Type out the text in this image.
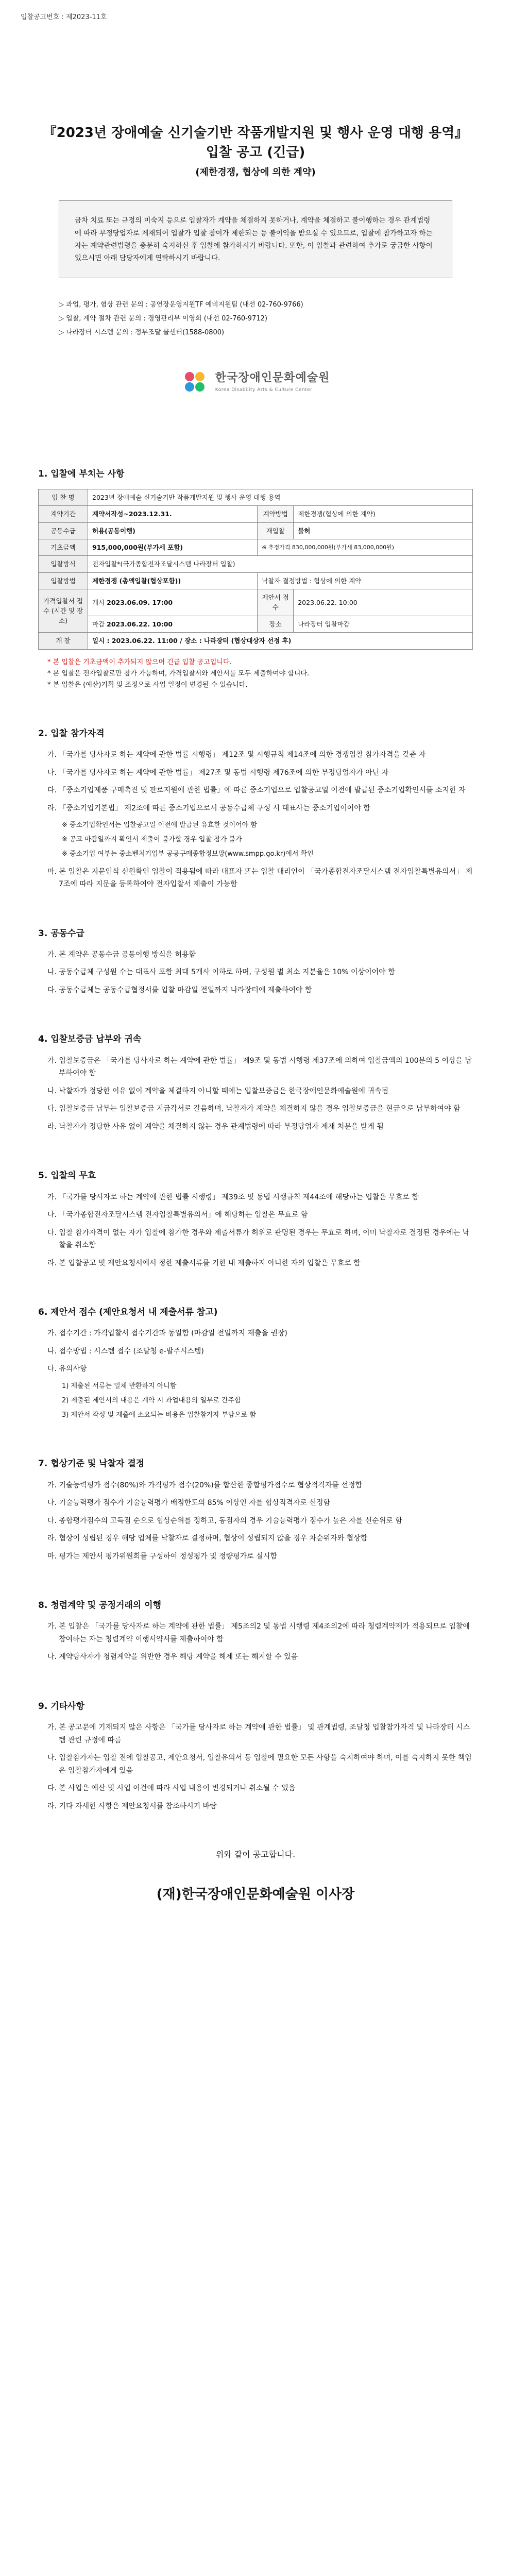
입찰공고번호 : 제2023-11호
『2023년 장애예술 신기술기반 작품개발지원 및 행사 운영 대행 용역』입찰 공고 (긴급)
(제한경쟁, 협상에 의한 계약)
금차 치료 또는 규정의 미숙지 등으로 입찰자가 계약을 체결하지 못하거나, 계약을 체결하고 불이행하는 경우 관계법령에 따라 부정당업자로 제재되어 입찰가 입찰 참여가 제한되는 등 불이익을 받으실 수 있으므로, 입찰에 참가하고자 하는 자는 계약관련법령을 충분히 숙지하신 후 입찰에 참가하시기 바랍니다. 또한, 이 입찰과 관련하여 추가로 궁금한 사항이 있으시면 아래 담당자에게 연락하시기 바랍니다.
▷ 과업, 평가, 협상 관련 문의 : 공연장운영지원TF 예비지원팀 (내선 02-760-9766)
▷ 입찰, 계약 절차 관련 문의 : 경영관리부 이영희 (내선 02-760-9712)
▷ 나라장터 시스템 문의 : 정부조달 콜센터(1588-0800)
한국장애인문화예술원
Korea Disability Arts & Culture Center
1. 입찰에 부치는 사항
입 찰 명	2023년 장애예술 신기술기반 작품개발지원 및 행사 운영 대행 용역		
계약기간	계약서작성~2023.12.31.	계약방법	제한경쟁(협상에 의한 계약)
공동수급	허용(공동이행)	재입찰	불허
기초금액	915,000,000원(부가세 포함)	※ 추정가격 830,000,000원(부가세 83,000,000원)	
입찰방식	전자입찰*(국가종합전자조달시스템 나라장터 입찰)		
입찰방법	제한경쟁 (총액입찰(협상포함))	낙찰자 결정방법 : 협상에 의한 계약	
가격입찰서 접수 (시간 및 장소)	개시 2023.06.09. 17:00	제안서 접수	2023.06.22. 10:00
	마감 2023.06.22. 10:00	장소	나라장터 입찰마감
개 찰	일시 : 2023.06.22. 11:00 / 장소 : 나라장터 (협상대상자 선정 후)		
* 본 입찰은 기초금액이 추가되지 않으며 긴급 입찰 공고입니다.
* 본 입찰은 전자입찰로만 참가 가능하며, 가격입찰서와 제안서를 모두 제출하여야 합니다.
* 본 입찰은 (예산)기획 및 조정으로 사업 일정이 변경될 수 있습니다.
2. 입찰 참가자격
가. 「국가를 당사자로 하는 계약에 관한 법률 시행령」 제12조 및 시행규칙 제14조에 의한 경쟁입찰 참가자격을 갖춘 자
나. 「국가를 당사자로 하는 계약에 관한 법률」 제27조 및 동법 시행령 제76조에 의한 부정당업자가 아닌 자
다. 「중소기업제품 구매촉진 및 판로지원에 관한 법률」에 따른 중소기업으로 입찰공고일 이전에 발급된 중소기업확인서를 소지한 자
라. 「중소기업기본법」 제2조에 따른 중소기업으로서 공동수급체 구성 시 대표사는 중소기업이어야 함
※ 중소기업확인서는 입찰공고일 이전에 발급된 유효한 것이어야 함
※ 공고 마감일까지 확인서 제출이 불가할 경우 입찰 참가 불가
※ 중소기업 여부는 중소벤처기업부 공공구매종합정보망(www.smpp.go.kr)에서 확인
마. 본 입찰은 지문인식 신원확인 입찰이 적용됨에 따라 대표자 또는 입찰 대리인이 「국가종합전자조달시스템 전자입찰특별유의서」 제7조에 따라 지문을 등록하여야 전자입찰서 제출이 가능함
3. 공동수급
가. 본 계약은 공동수급 공동이행 방식을 허용함
나. 공동수급체 구성원 수는 대표사 포함 최대 5개사 이하로 하며, 구성원 별 최소 지분율은 10% 이상이어야 함
다. 공동수급체는 공동수급협정서를 입찰 마감일 전일까지 나라장터에 제출하여야 함
4. 입찰보증금 납부와 귀속
가. 입찰보증금은 「국가를 당사자로 하는 계약에 관한 법률」 제9조 및 동법 시행령 제37조에 의하여 입찰금액의 100분의 5 이상을 납부하여야 함
나. 낙찰자가 정당한 이유 없이 계약을 체결하지 아니할 때에는 입찰보증금은 한국장애인문화예술원에 귀속됨
다. 입찰보증금 납부는 입찰보증금 지급각서로 갈음하며, 낙찰자가 계약을 체결하지 않을 경우 입찰보증금을 현금으로 납부하여야 함
라. 낙찰자가 정당한 사유 없이 계약을 체결하지 않는 경우 관계법령에 따라 부정당업자 제재 처분을 받게 됨
5. 입찰의 무효
가. 「국가를 당사자로 하는 계약에 관한 법률 시행령」 제39조 및 동법 시행규칙 제44조에 해당하는 입찰은 무효로 함
나. 「국가종합전자조달시스템 전자입찰특별유의서」에 해당하는 입찰은 무효로 함
다. 입찰 참가자격이 없는 자가 입찰에 참가한 경우와 제출서류가 허위로 판명된 경우는 무효로 하며, 이미 낙찰자로 결정된 경우에는 낙찰을 취소함
라. 본 입찰공고 및 제안요청서에서 정한 제출서류를 기한 내 제출하지 아니한 자의 입찰은 무효로 함
6. 제안서 접수 (제안요청서 내 제출서류 참고)
가. 접수기간 : 가격입찰서 접수기간과 동일함 (마감일 전일까지 제출을 권장)
나. 접수방법 : 시스템 접수 (조달청 e-발주시스템)
다. 유의사항
1) 제출된 서류는 일체 반환하지 아니함
2) 제출된 제안서의 내용은 계약 시 과업내용의 일부로 간주함
3) 제안서 작성 및 제출에 소요되는 비용은 입찰참가자 부담으로 함
7. 협상기준 및 낙찰자 결정
가. 기술능력평가 점수(80%)와 가격평가 점수(20%)를 합산한 종합평가점수로 협상적격자를 선정함
나. 기술능력평가 점수가 기술능력평가 배점한도의 85% 이상인 자를 협상적격자로 선정함
다. 종합평가점수의 고득점 순으로 협상순위를 정하고, 동점자의 경우 기술능력평가 점수가 높은 자를 선순위로 함
라. 협상이 성립된 경우 해당 업체를 낙찰자로 결정하며, 협상이 성립되지 않을 경우 차순위자와 협상함
마. 평가는 제안서 평가위원회를 구성하여 정성평가 및 정량평가로 실시함
8. 청렴계약 및 공정거래의 이행
가. 본 입찰은 「국가를 당사자로 하는 계약에 관한 법률」 제5조의2 및 동법 시행령 제4조의2에 따라 청렴계약제가 적용되므로 입찰에 참여하는 자는 청렴계약 이행서약서를 제출하여야 함
나. 계약당사자가 청렴계약을 위반한 경우 해당 계약을 해제 또는 해지할 수 있음
9. 기타사항
가. 본 공고문에 기재되지 않은 사항은 「국가를 당사자로 하는 계약에 관한 법률」 및 관계법령, 조달청 입찰참가자격 및 나라장터 시스템 관련 규정에 따름
나. 입찰참가자는 입찰 전에 입찰공고, 제안요청서, 입찰유의서 등 입찰에 필요한 모든 사항을 숙지하여야 하며, 이를 숙지하지 못한 책임은 입찰참가자에게 있음
다. 본 사업은 예산 및 사업 여건에 따라 사업 내용이 변경되거나 취소될 수 있음
라. 기타 자세한 사항은 제안요청서를 참조하시기 바람
위와 같이 공고합니다.
(재)한국장애인문화예술원 이사장
